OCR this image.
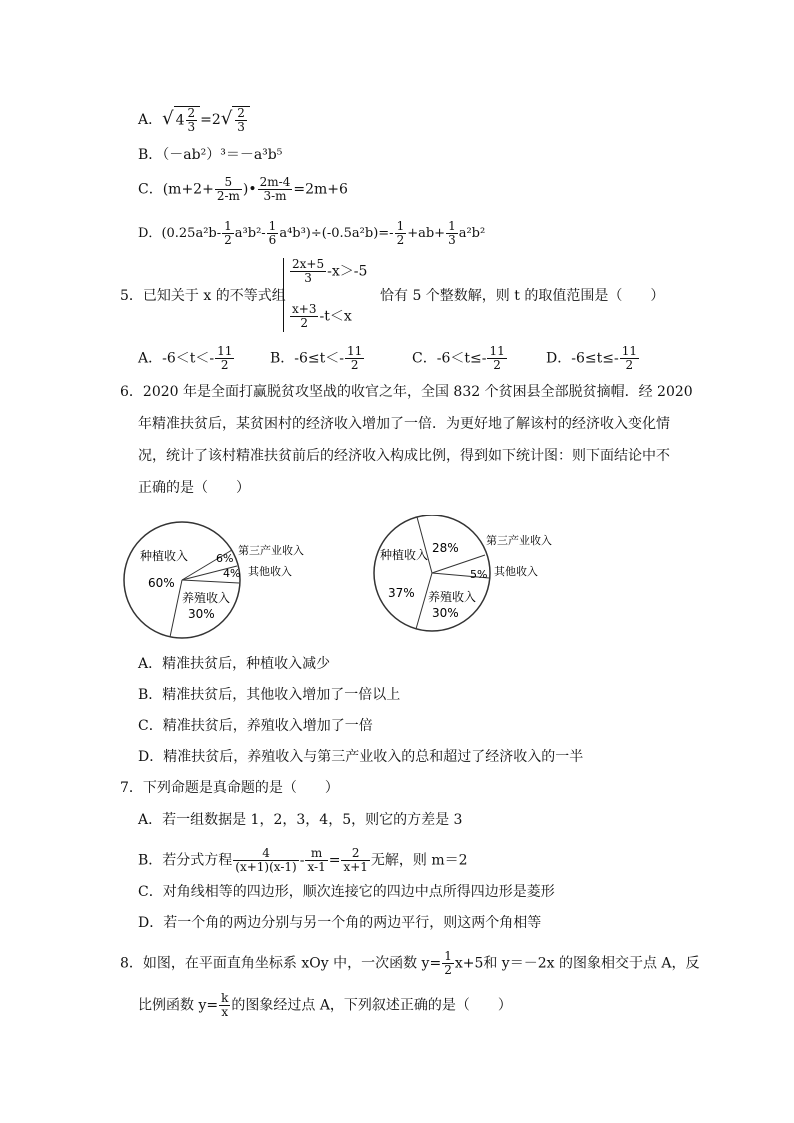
A．√ $4 \frac{2}{3} =2√ \frac{2}{3}$
B．（－ab²）³＝－a³b⁵
C．($m+2+ \frac{5}{2-m}$ )• $\frac{2m-4}{3-m} =2m+6$
D．$(0.25a^2b- \frac{1}{2} a^3b^2- \frac{1}{6} a^4b^3)\div(-0.5a^2b)=- \frac{1}{2} +ab+ \frac{1}{3} a^2b^2$
5．已知关于 x 的不等式组
$\frac{2x+5}{3} -x>-5$
$\frac{x+3}{2} -t<x$
恰有 5 个整数解，则 t 的取值范围是（　　）
A．$-6<t<- \frac{11}{2}$	B．$-6\le t<- \frac{11}{2}$	C．$-6<t\le- \frac{11}{2}$	D．$-6\le t\le- \frac{11}{2}$
6．2020 年是全面打赢脱贫攻坚战的收官之年，全国 832 个贫困县全部脱贫摘帽．经 2020
年精准扶贫后，某贫困村的经济收入增加了一倍．为更好地了解该村的经济收入变化情
况，统计了该村精准扶贫前后的经济收入构成比例，得到如下统计图：则下面结论中不
正确的是（　　）
种植收入
60%
6%
第三产业收入
4% 其他收入
养殖收入
30%
28%
第三产业收入
5% 其他收入
养殖收入
30%
种植收入
37%
A．精准扶贫后，种植收入减少
B．精准扶贫后，其他收入增加了一倍以上
C．精准扶贫后，养殖收入增加了一倍
D．精准扶贫后，养殖收入与第三产业收入的总和超过了经济收入的一半
7．下列命题是真命题的是（　　）
A．若一组数据是 1，2，3，4，5，则它的方差是 3
B．若分式方程 $\frac{4}{(x+1)(x-1)} - \frac{m}{x-1} = \frac{2}{x+1}$ 无解，则 m＝2
C．对角线相等的四边形，顺次连接它的四边中点所得四边形是菱形
D．若一个角的两边分别与另一个角的两边平行，则这两个角相等
8．如图，在平面直角坐标系 xOy 中，一次函数 $y= \frac{1}{2} x+5$和 y＝－2x 的图象相交于点 A，反
比例函数 $y= \frac{k}{x}$ 的图象经过点 A，下列叙述正确的是（　　）
